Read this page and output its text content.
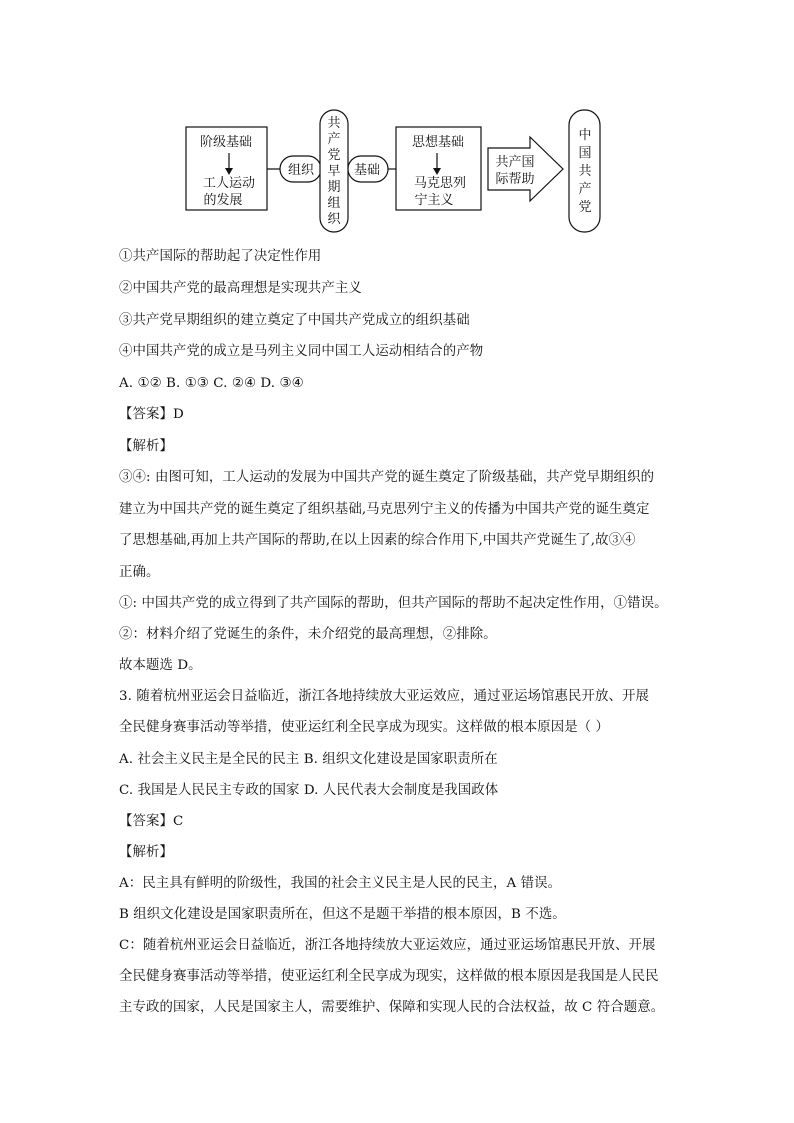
阶级基础
工人运动
的发展
组织
共
产
党
早
期
组
织
基础
思想基础
马克思列
宁主义
共产国
际帮助
中
国
共
产
党
①共产国际的帮助起了决定性作用
②中国共产党的最高理想是实现共产主义
③共产党早期组织的建立奠定了中国共产党成立的组织基础
④中国共产党的成立是马列主义同中国工人运动相结合的产物
A. ①② B. ①③ C. ②④ D. ③④
【答案】D
【解析】
③④: 由图可知，工人运动的发展为中国共产党的诞生奠定了阶级基础，共产党早期组织的
建立为中国共产党的诞生奠定了组织基础,马克思列宁主义的传播为中国共产党的诞生奠定
了思想基础,再加上共产国际的帮助,在以上因素的综合作用下,中国共产党诞生了,故③④
正确。
①: 中国共产党的成立得到了共产国际的帮助，但共产国际的帮助不起决定性作用，①错误。
②：材料介绍了党诞生的条件，未介绍党的最高理想，②排除。
故本题选 D。
3. 随着杭州亚运会日益临近，浙江各地持续放大亚运效应，通过亚运场馆惠民开放、开展
全民健身赛事活动等举措，使亚运红利全民享成为现实。这样做的根本原因是（ ）
A. 社会主义民主是全民的民主 B. 组织文化建设是国家职责所在
C. 我国是人民民主专政的国家 D. 人民代表大会制度是我国政体
【答案】C
【解析】
A：民主具有鲜明的阶级性，我国的社会主义民主是人民的民主，A 错误。
B 组织文化建设是国家职责所在，但这不是题干举措的根本原因，B 不选。
C：随着杭州亚运会日益临近，浙江各地持续放大亚运效应，通过亚运场馆惠民开放、开展
全民健身赛事活动等举措，使亚运红利全民享成为现实，这样做的根本原因是我国是人民民
主专政的国家，人民是国家主人，需要维护、保障和实现人民的合法权益，故 C 符合题意。
